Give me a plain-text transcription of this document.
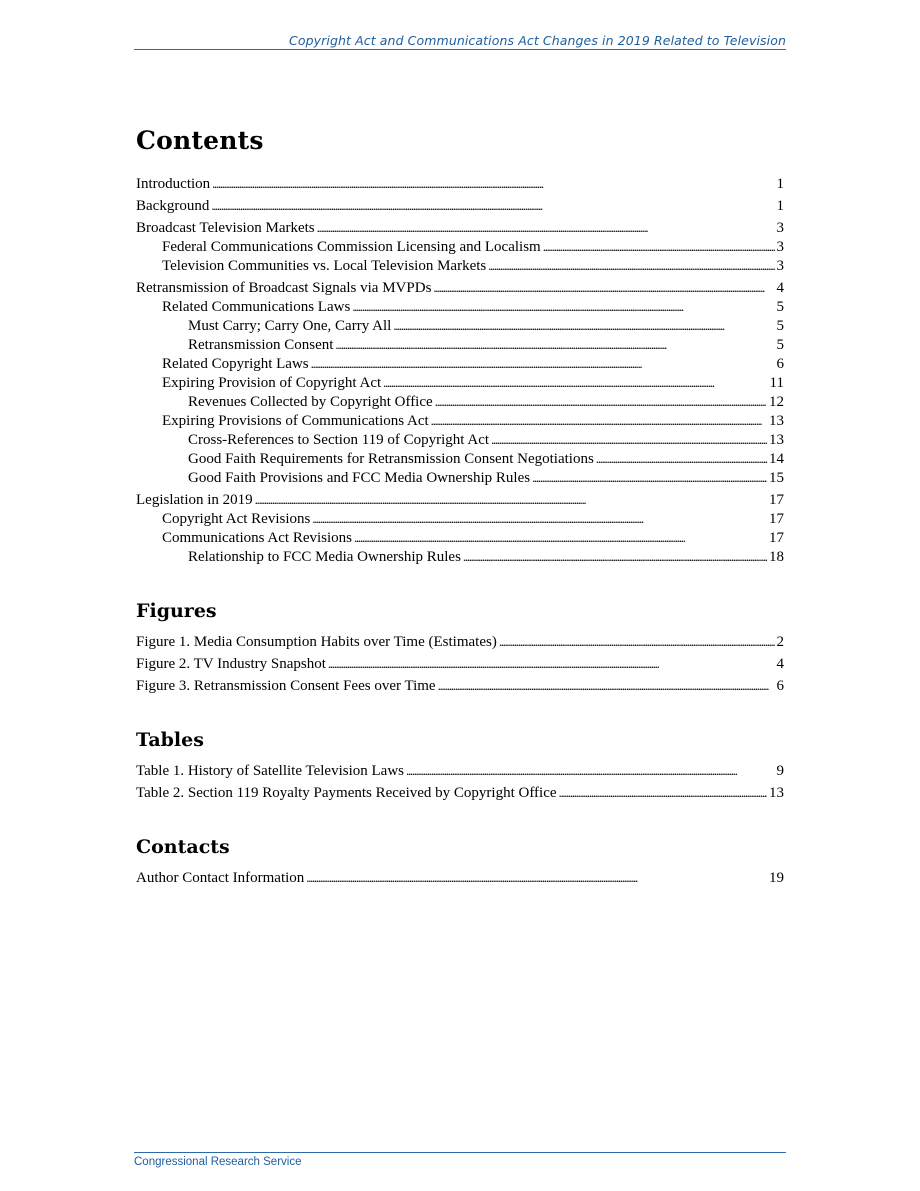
Copyright Act and Communications Act Changes in 2019 Related to Television
Contents
Introduction . . .	1
Background . . .	1
Broadcast Television Markets . . .	3
Federal Communications Commission Licensing and Localism . . .	3
Television Communities vs. Local Television Markets . . .	3
Retransmission of Broadcast Signals via MVPDs . . .	4
Related Communications Laws . . .	5
Must Carry; Carry One, Carry All . . .	5
Retransmission Consent . . .	5
Related Copyright Laws . . .	6
Expiring Provision of Copyright Act . . .	11
Revenues Collected by Copyright Office . . .	12
Expiring Provisions of Communications Act . . .	13
Cross-References to Section 119 of Copyright Act . . .	13
Good Faith Requirements for Retransmission Consent Negotiations . . .	14
Good Faith Provisions and FCC Media Ownership Rules . . .	15
Legislation in 2019 . . .	17
Copyright Act Revisions . . .	17
Communications Act Revisions . . .	17
Relationship to FCC Media Ownership Rules . . .	18
Figures
Figure 1. Media Consumption Habits over Time (Estimates) . . .	2
Figure 2. TV Industry Snapshot . . .	4
Figure 3. Retransmission Consent Fees over Time . . .	6
Tables
Table 1. History of Satellite Television Laws . . .	9
Table 2. Section 119 Royalty Payments Received by Copyright Office . . .	13
Contacts
Author Contact Information . . .	19
Congressional Research Service
